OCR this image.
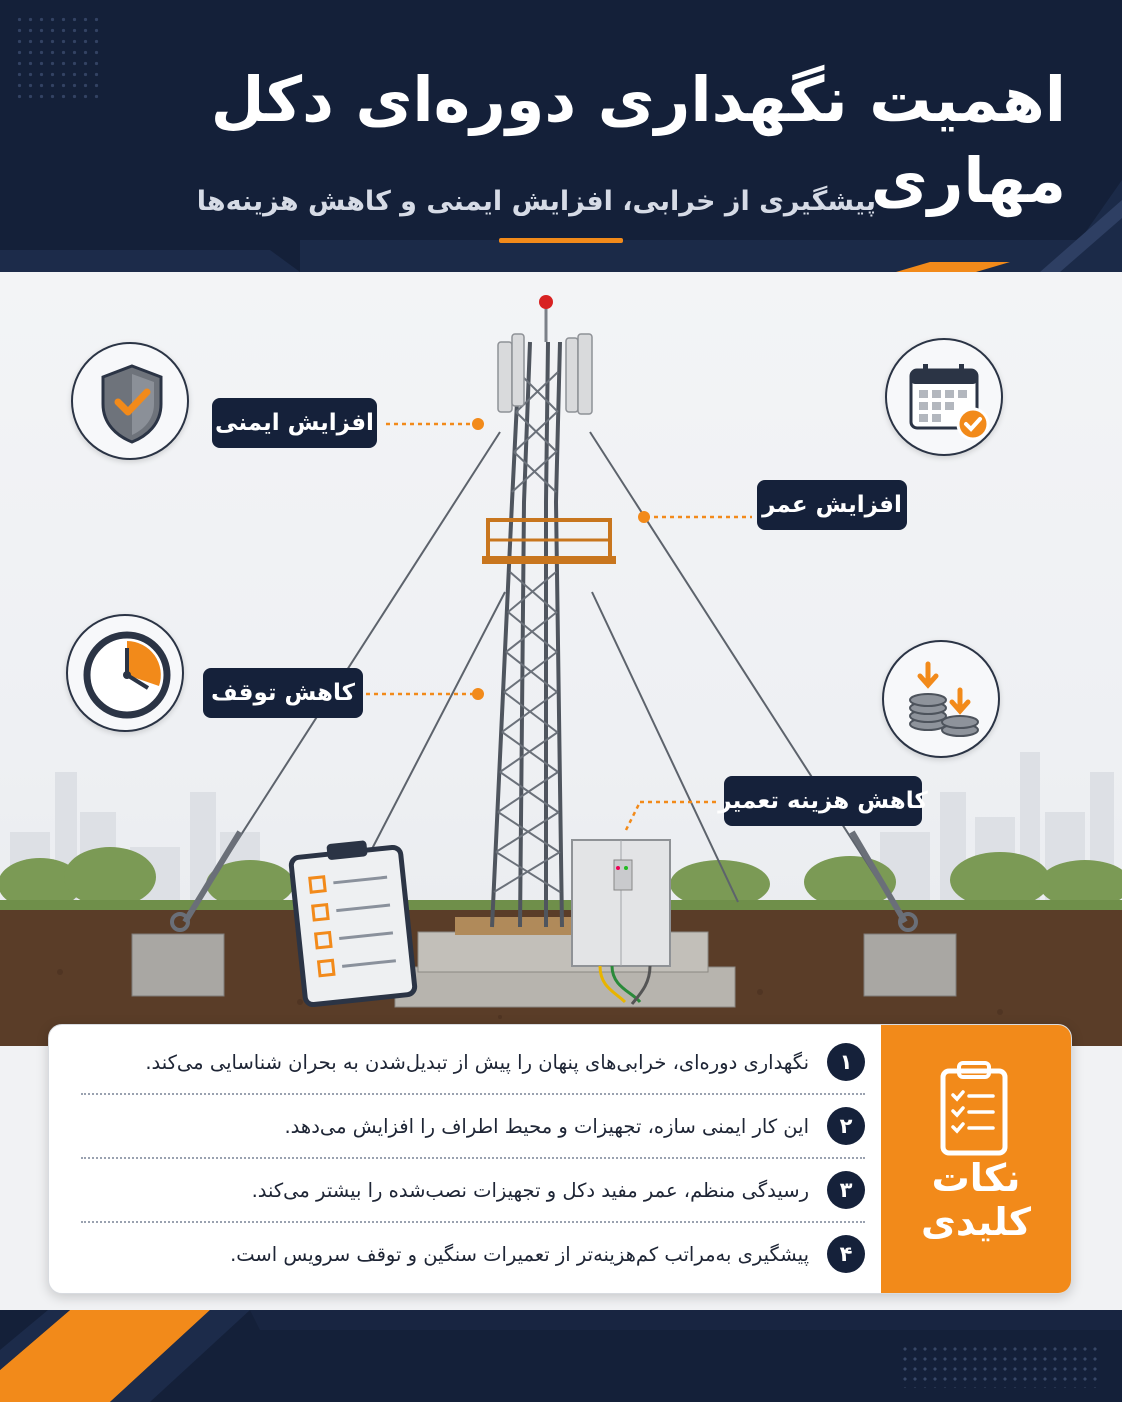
اهمیت نگهداری دوره‌ای دکل مهاری
پیشگیری از خرابی، افزایش ایمنی و کاهش هزینه‌ها
افزایش ایمنی
افزایش عمر
کاهش توقف
کاهش هزینه تعمیر
نکات
کلیدی
۱
نگهداری دوره‌ای، خرابی‌های پنهان را پیش از تبدیل‌شدن به بحران شناسایی می‌کند.
۲
این کار ایمنی سازه، تجهیزات و محیط اطراف را افزایش می‌دهد.
۳
رسیدگی منظم، عمر مفید دکل و تجهیزات نصب‌شده را بیشتر می‌کند.
۴
پیشگیری به‌مراتب کم‌هزینه‌تر از تعمیرات سنگین و توقف سرویس است.
